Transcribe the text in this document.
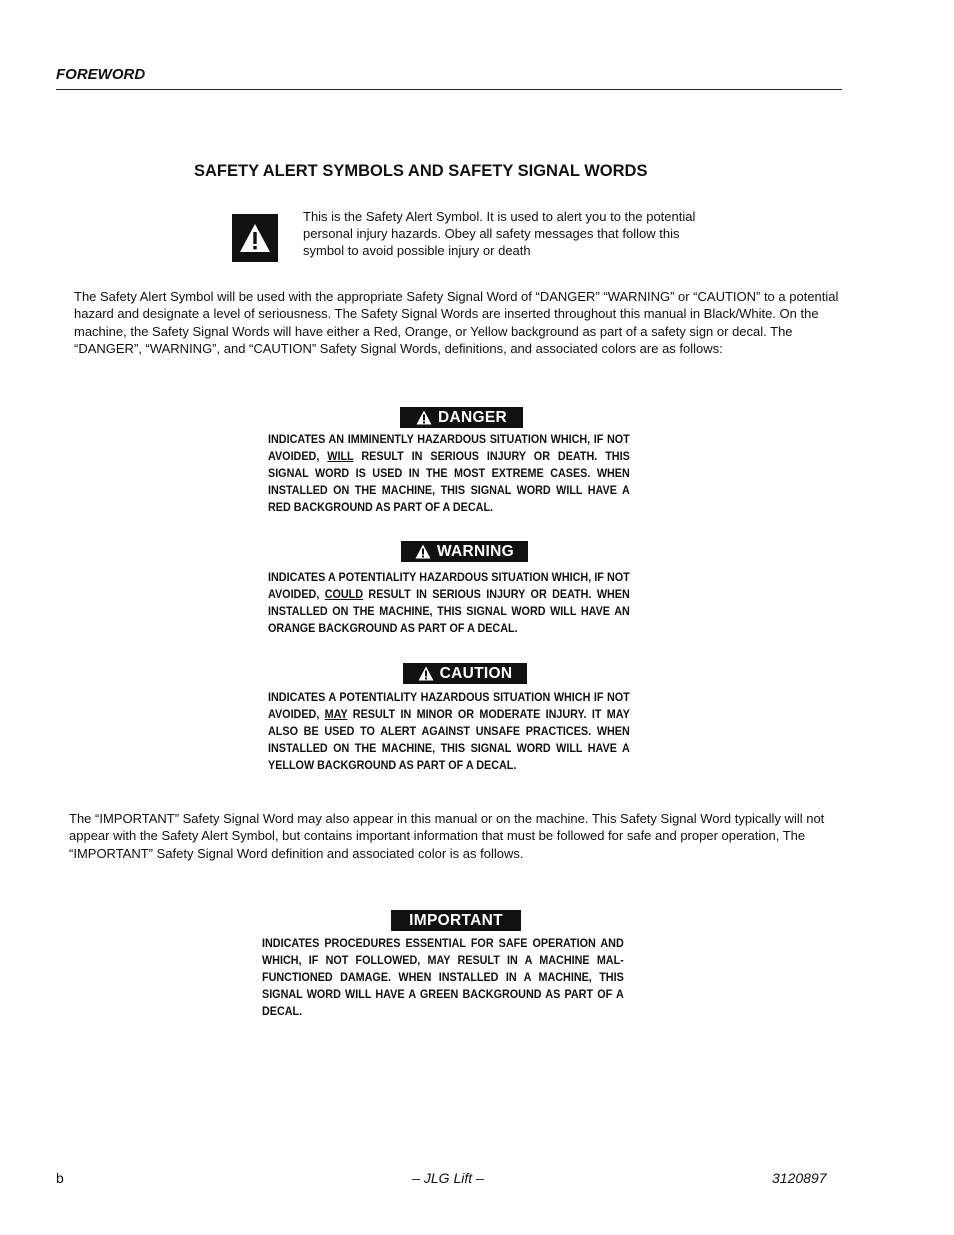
FOREWORD
SAFETY ALERT SYMBOLS AND SAFETY SIGNAL WORDS
This is the Safety Alert Symbol. It is used to alert you to the potential personal injury hazards. Obey all safety messages that follow this symbol to avoid possible injury or death
The Safety Alert Symbol will be used with the appropriate Safety Signal Word of “DANGER” “WARNING” or “CAUTION” to a potential hazard and designate a level of seriousness. The Safety Signal Words are inserted throughout this manual in Black/White. On the machine, the Safety Signal Words will have either a Red, Orange, or Yellow background as part of a safety sign or decal. The “DANGER”, “WARNING”, and “CAUTION” Safety Signal Words, definitions, and associated colors are as follows:
DANGER
INDICATES AN IMMINENTLY HAZARDOUS SITUATION WHICH, IF NOT AVOIDED, WILL RESULT IN SERIOUS INJURY OR DEATH. THIS SIGNAL WORD IS USED IN THE MOST EXTREME CASES. WHEN INSTALLED ON THE MACHINE, THIS SIGNAL WORD WILL HAVE A RED BACKGROUND AS PART OF A DECAL.
WARNING
INDICATES A POTENTIALITY HAZARDOUS SITUATION WHICH, IF NOT AVOIDED, COULD RESULT IN SERIOUS INJURY OR DEATH. WHEN INSTALLED ON THE MACHINE, THIS SIGNAL WORD WILL HAVE AN ORANGE BACKGROUND AS PART OF A DECAL.
CAUTION
INDICATES A POTENTIALITY HAZARDOUS SITUATION WHICH IF NOT AVOIDED, MAY RESULT IN MINOR OR MODERATE INJURY. IT MAY ALSO BE USED TO ALERT AGAINST UNSAFE PRACTICES. WHEN INSTALLED ON THE MACHINE, THIS SIGNAL WORD WILL HAVE A YELLOW BACKGROUND AS PART OF A DECAL.
The “IMPORTANT” Safety Signal Word may also appear in this manual or on the machine. This Safety Signal Word typically will not appear with the Safety Alert Symbol, but contains important information that must be followed for safe and proper operation, The “IMPORTANT” Safety Signal Word definition and associated color is as follows.
IMPORTANT
INDICATES PROCEDURES ESSENTIAL FOR SAFE OPERATION AND WHICH, IF NOT FOLLOWED, MAY RESULT IN A MACHINE MAL-FUNCTIONED DAMAGE. WHEN INSTALLED IN A MACHINE, THIS SIGNAL WORD WILL HAVE A GREEN BACKGROUND AS PART OF A DECAL.
b	– JLG Lift –	3120897
